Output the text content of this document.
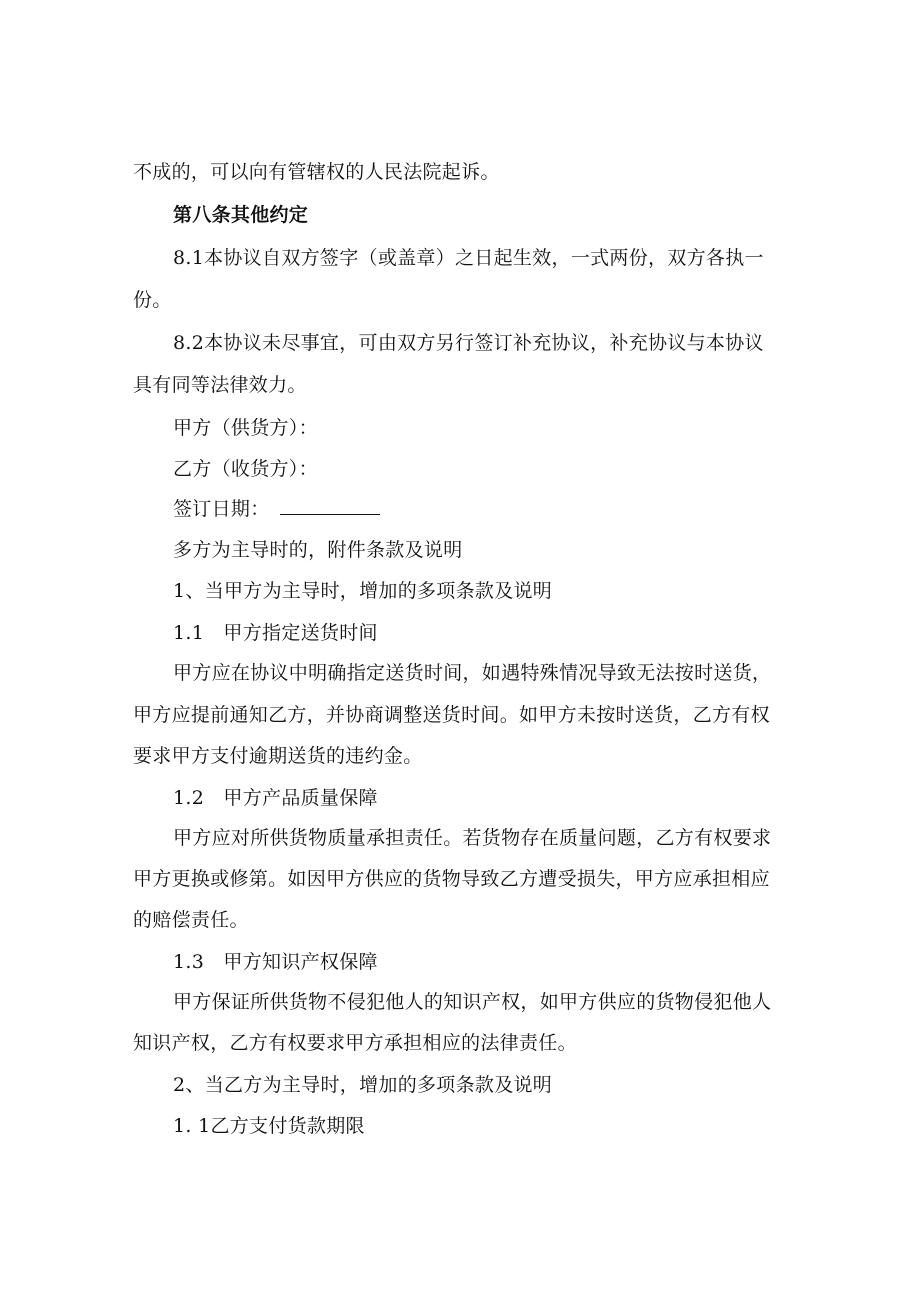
不成的，可以向有管辖权的人民法院起诉。
第八条其他约定
8.1本协议自双方签字（或盖章）之日起生效，一式两份，双方各执一
份。
8.2本协议未尽事宜，可由双方另行签订补充协议，补充协议与本协议
具有同等法律效力。
甲方（供货方）：
乙方（收货方）：
签订日期：
多方为主导时的，附件条款及说明
1、当甲方为主导时，增加的多项条款及说明
1.1　甲方指定送货时间
甲方应在协议中明确指定送货时间，如遇特殊情况导致无法按时送货，
甲方应提前通知乙方，并协商调整送货时间。如甲方未按时送货，乙方有权
要求甲方支付逾期送货的违约金。
1.2　甲方产品质量保障
甲方应对所供货物质量承担责任。若货物存在质量问题，乙方有权要求
甲方更换或修第。如因甲方供应的货物导致乙方遭受损失，甲方应承担相应
的赔偿责任。
1.3　甲方知识产权保障
甲方保证所供货物不侵犯他人的知识产权，如甲方供应的货物侵犯他人
知识产权，乙方有权要求甲方承担相应的法律责任。
2、当乙方为主导时，增加的多项条款及说明
1. 1乙方支付货款期限
